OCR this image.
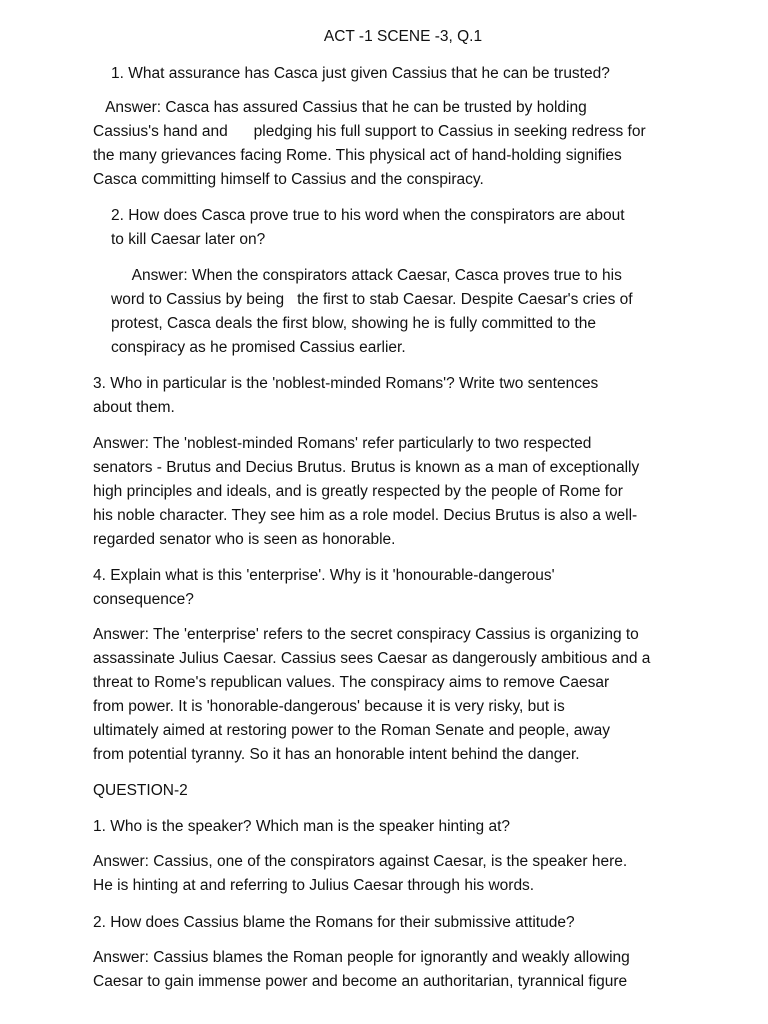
ACT -1 SCENE -3, Q.1
1. What assurance has Casca just given Cassius that he can be trusted?
Answer: Casca has assured Cassius that he can be trusted by holding
Cassius's hand and      pledging his full support to Cassius in seeking redress for
the many grievances facing Rome. This physical act of hand-holding signifies
Casca committing himself to Cassius and the conspiracy.
2. How does Casca prove true to his word when the conspirators are about
to kill Caesar later on?
Answer: When the conspirators attack Caesar, Casca proves true to his
word to Cassius by being   the first to stab Caesar. Despite Caesar's cries of
protest, Casca deals the first blow, showing he is fully committed to the
conspiracy as he promised Cassius earlier.
3. Who in particular is the 'noblest-minded Romans'? Write two sentences
about them.
Answer: The 'noblest-minded Romans' refer particularly to two respected
senators - Brutus and Decius Brutus. Brutus is known as a man of exceptionally
high principles and ideals, and is greatly respected by the people of Rome for
his noble character. They see him as a role model. Decius Brutus is also a well-
regarded senator who is seen as honorable.
4. Explain what is this 'enterprise'. Why is it 'honourable-dangerous'
consequence?
Answer: The 'enterprise' refers to the secret conspiracy Cassius is organizing to
assassinate Julius Caesar. Cassius sees Caesar as dangerously ambitious and a
threat to Rome's republican values. The conspiracy aims to remove Caesar
from power. It is 'honorable-dangerous' because it is very risky, but is
ultimately aimed at restoring power to the Roman Senate and people, away
from potential tyranny. So it has an honorable intent behind the danger.
QUESTION-2
1. Who is the speaker? Which man is the speaker hinting at?
Answer: Cassius, one of the conspirators against Caesar, is the speaker here.
He is hinting at and referring to Julius Caesar through his words.
2. How does Cassius blame the Romans for their submissive attitude?
Answer: Cassius blames the Roman people for ignorantly and weakly allowing
Caesar to gain immense power and become an authoritarian, tyrannical figure
